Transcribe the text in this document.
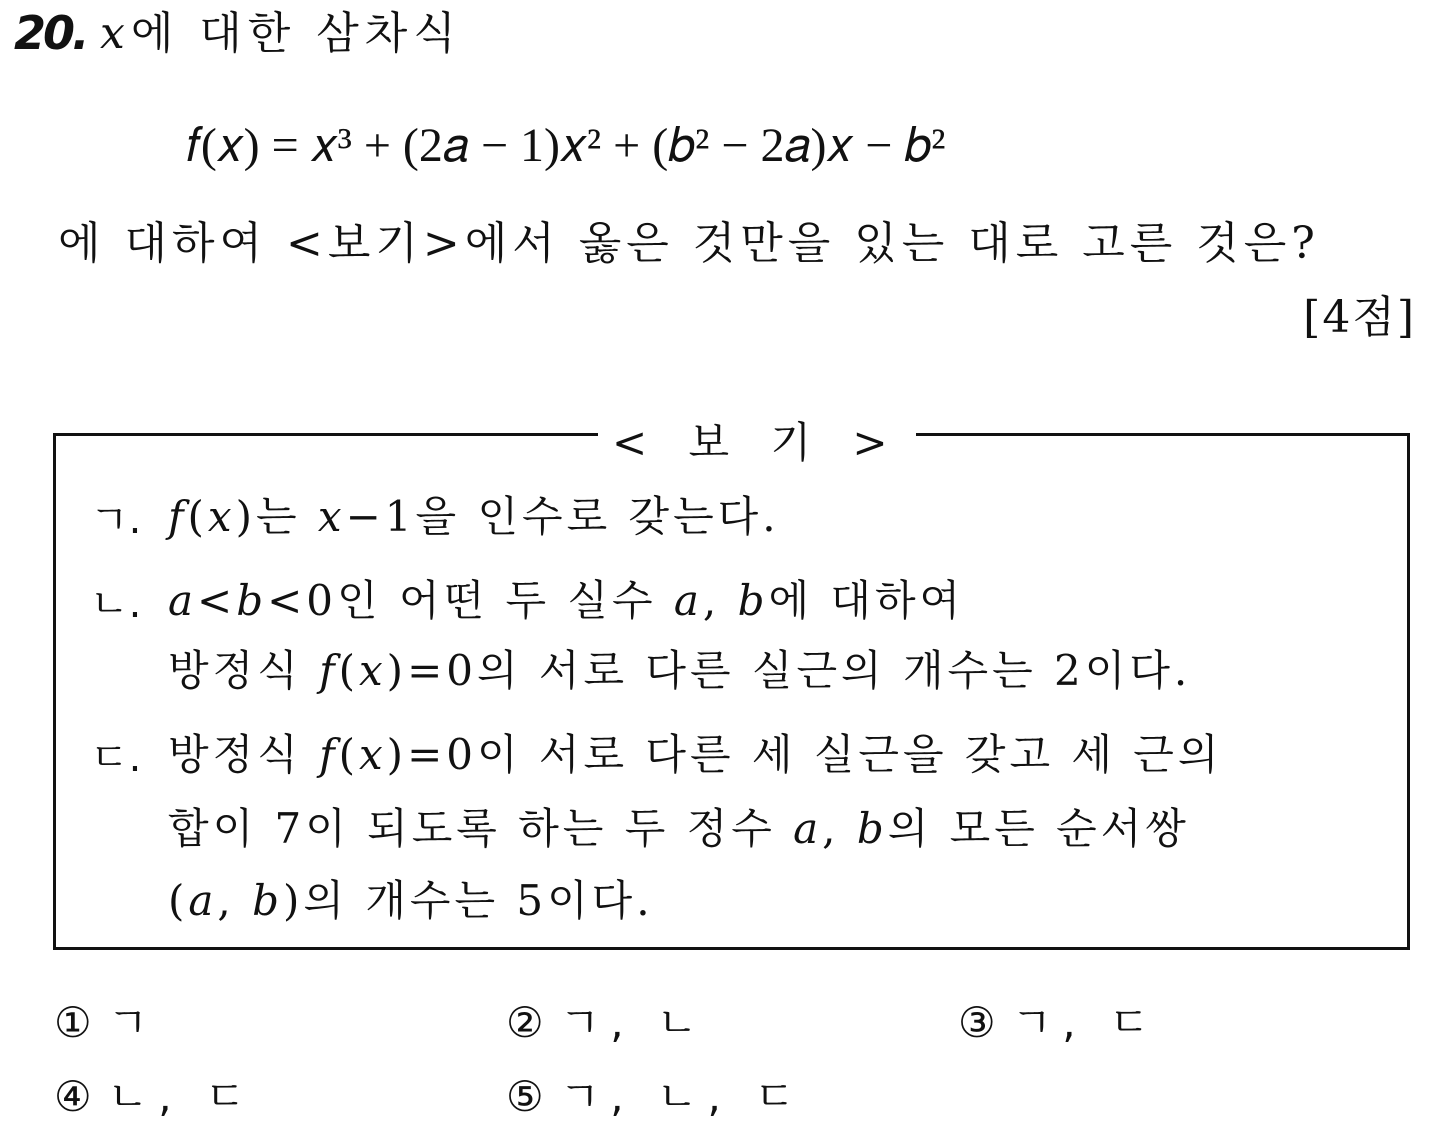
20. 𝑥에 대한 삼차식
𝑓(𝑥) = 𝑥³ + (2𝑎 − 1)𝑥² + (𝑏² − 2𝑎)𝑥 − 𝑏²
에 대하여 <보기>에서 옳은 것만을 있는 대로 고른 것은?
[4점]
< 보 기 >
ㄱ. 𝑓(𝑥)는 𝑥−1을 인수로 갖는다.
ㄴ. 𝑎<𝑏<0인 어떤 두 실수 𝑎, 𝑏에 대하여
방정식 𝑓(𝑥)=0의 서로 다른 실근의 개수는 2이다.
ㄷ. 방정식 𝑓(𝑥)=0이 서로 다른 세 실근을 갖고 세 근의
합이 7이 되도록 하는 두 정수 𝑎, 𝑏의 모든 순서쌍
(𝑎, 𝑏)의 개수는 5이다.
① ㄱ	② ㄱ, ㄴ	③ ㄱ, ㄷ
④ ㄴ, ㄷ	⑤ ㄱ, ㄴ, ㄷ
